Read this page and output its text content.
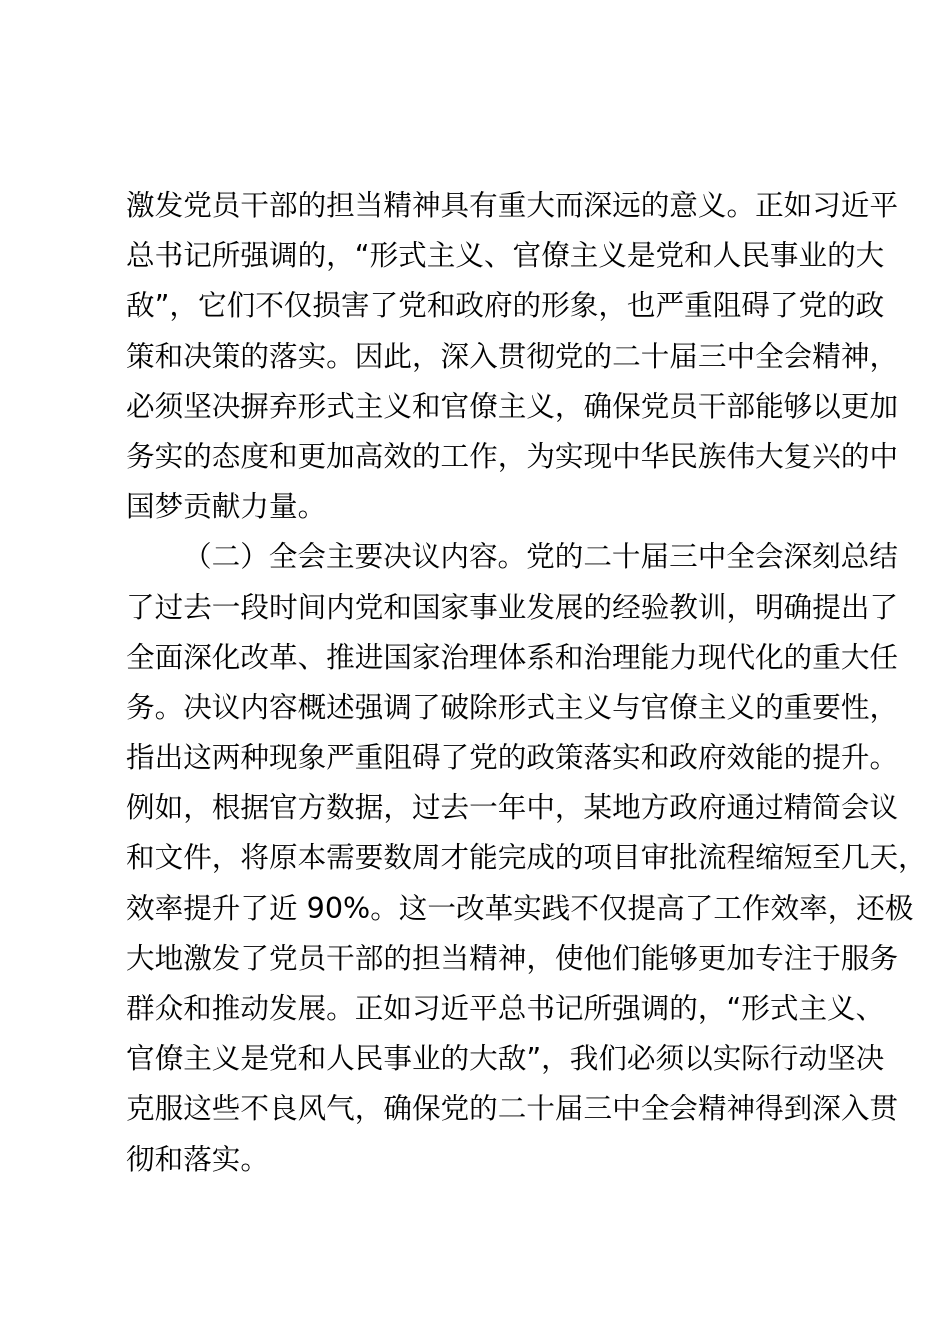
激发党员干部的担当精神具有重大而深远的意义。正如习近平
总书记所强调的，“形式主义、官僚主义是党和人民事业的大
敌”，它们不仅损害了党和政府的形象，也严重阻碍了党的政
策和决策的落实。因此，深入贯彻党的二十届三中全会精神，
必须坚决摒弃形式主义和官僚主义，确保党员干部能够以更加
务实的态度和更加高效的工作，为实现中华民族伟大复兴的中
国梦贡献力量。

（二）全会主要决议内容。党的二十届三中全会深刻总结
了过去一段时间内党和国家事业发展的经验教训，明确提出了
全面深化改革、推进国家治理体系和治理能力现代化的重大任
务。决议内容概述强调了破除形式主义与官僚主义的重要性，
指出这两种现象严重阻碍了党的政策落实和政府效能的提升。
例如，根据官方数据，过去一年中，某地方政府通过精简会议
和文件，将原本需要数周才能完成的项目审批流程缩短至几天，
效率提升了近 90%。这一改革实践不仅提高了工作效率，还极
大地激发了党员干部的担当精神，使他们能够更加专注于服务
群众和推动发展。正如习近平总书记所强调的，“形式主义、
官僚主义是党和人民事业的大敌”，我们必须以实际行动坚决
克服这些不良风气，确保党的二十届三中全会精神得到深入贯
彻和落实。
